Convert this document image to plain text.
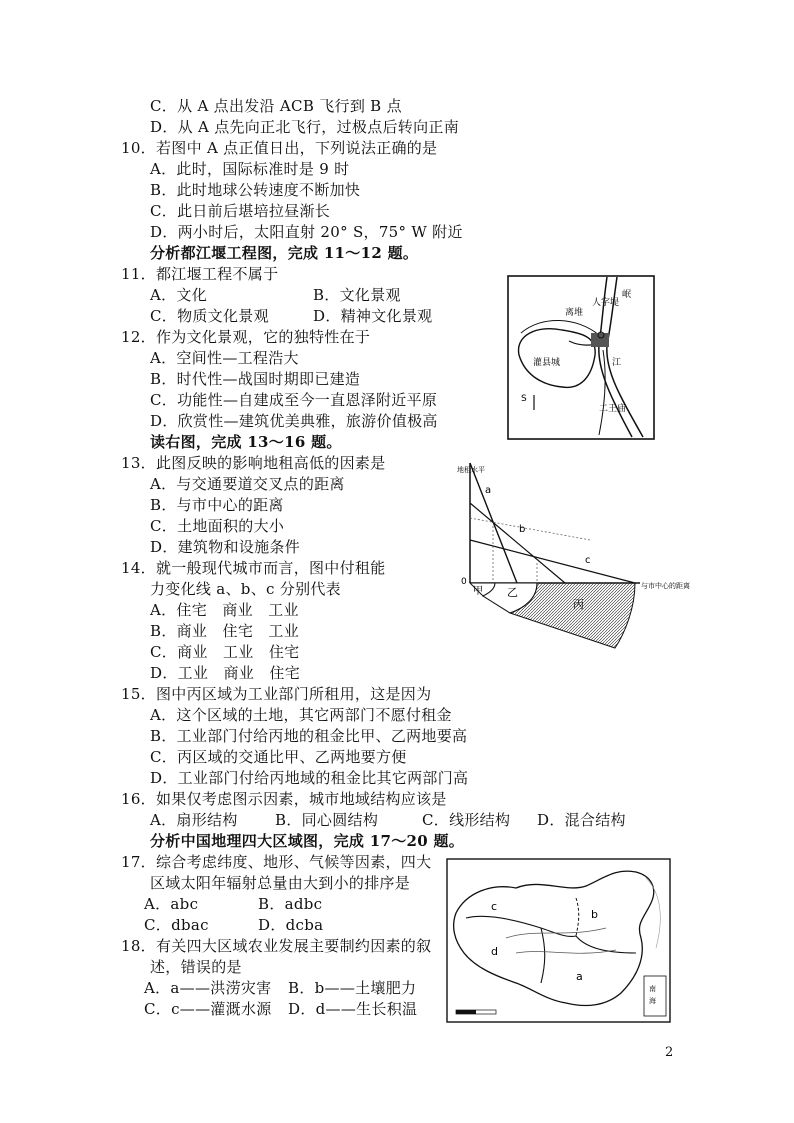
C．从 A 点出发沿 ACB 飞行到 B 点
D．从 A 点先向正北飞行，过极点后转向正南
10．若图中 A 点正值日出，下列说法正确的是
A．此时，国际标准时是 9 时
B．此时地球公转速度不断加快
C．此日前后堪培拉昼渐长
D．两小时后，太阳直射 20° S，75° W 附近
分析都江堰工程图，完成 11～12 题。
11．都江堰工程不属于
A．文化	B．文化景观
C．物质文化景观	D．精神文化景观
12．作为文化景观，它的独特性在于
A．空间性—工程浩大
B．时代性—战国时期即已建造
C．功能性—自建成至今一直恩泽附近平原
D．欣赏性—建筑优美典雅，旅游价值极高
读右图，完成 13～16 题。
13．此图反映的影响地租高低的因素是
A．与交通要道交叉点的距离
B．与市中心的距离
C．土地面积的大小
D．建筑物和设施条件
14．就一般现代城市而言，图中付租能
力变化线 a、b、c 分别代表
A．住宅　商业　工业
B．商业　住宅　工业
C．商业　工业　住宅
D．工业　商业　住宅
15．图中丙区域为工业部门所租用，这是因为
A．这个区域的土地，其它两部门不愿付租金
B．工业部门付给丙地的租金比甲、乙两地要高
C．丙区域的交通比甲、乙两地要方便
D．工业部门付给丙地域的租金比其它两部门高
16．如果仅考虑图示因素，城市地域结构应该是
A．扇形结构 B．同心圆结构	C．线形结构 D．混合结构
分析中国地理四大区域图，完成 17～20 题。
17．综合考虑纬度、地形、气候等因素，四大
区域太阳年辐射总量由大到小的排序是
A．abc	B．adbc
C．dbac	D．dcba
18．有关四大区域农业发展主要制约因素的叙
述，错误的是
A．a——洪涝灾害 B．b——土壤肥力
C．c——灌溉水源 D．d——生长积温
人字堤
岷
江
离堆
灌县城
二王庙
S
地租水平
a
b
c
0
甲 乙
丙
与市中心的距离
c
b
d
a
南
海
2
